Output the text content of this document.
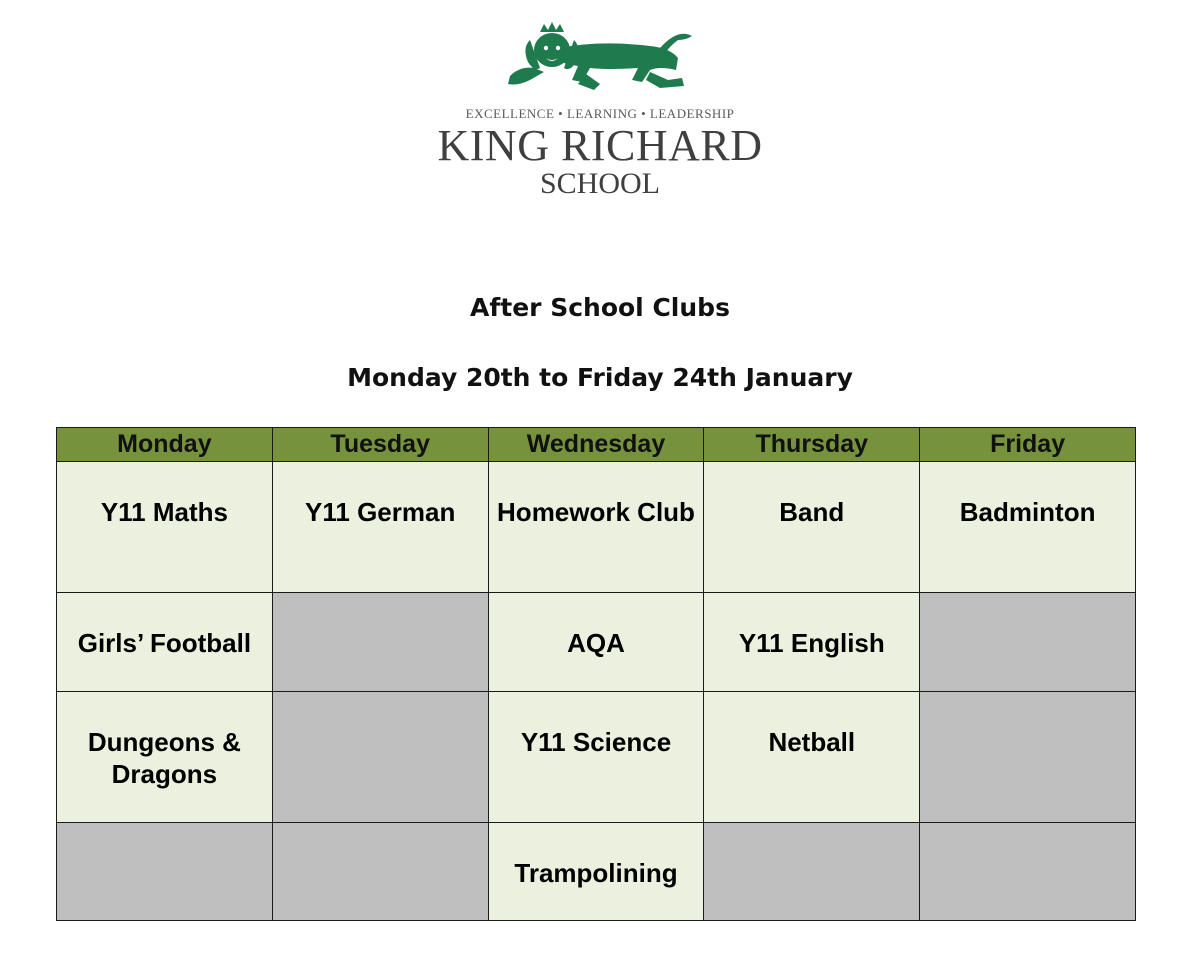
EXCELLENCE • LEARNING • LEADERSHIP
KING RICHARD
SCHOOL
After School Clubs
Monday 20th to Friday 24th January
Monday	Tuesday	Wednesday	Thursday	Friday
Y11 Maths	Y11 German	Homework Club	Band	Badminton
Girls’ Football		AQA	Y11 English	
Dungeons & Dragons		Y11 Science	Netball	
		Trampolining		
